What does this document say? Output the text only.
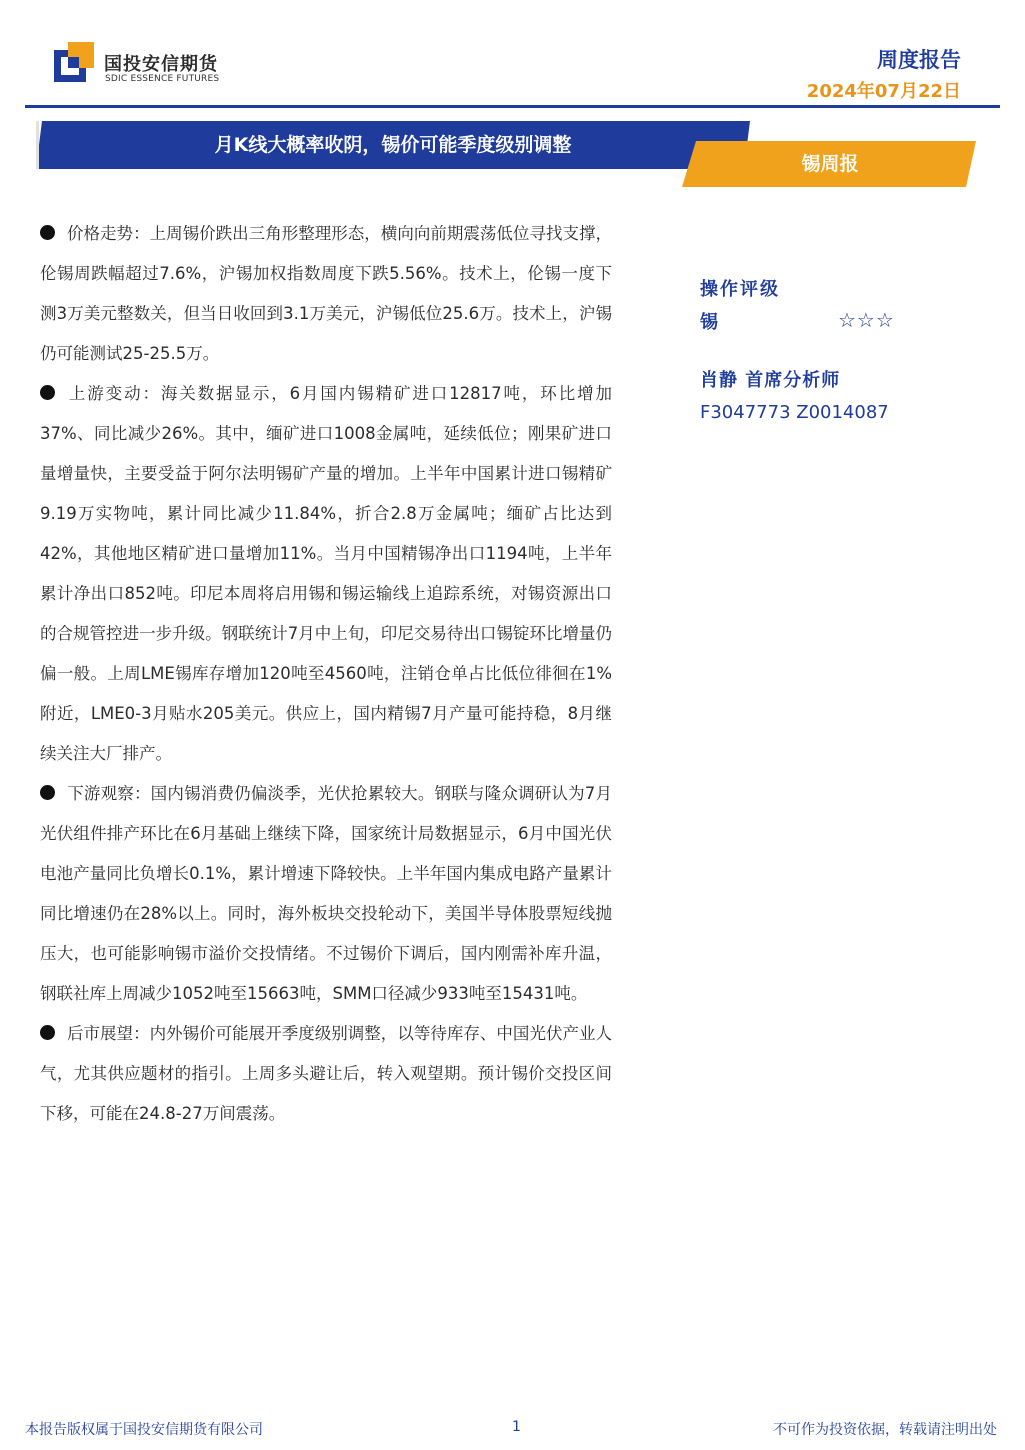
国投安信期货
SDIC ESSENCE FUTURES
周度报告
2024年07月22日
月K线大概率收阴，锡价可能季度级别调整
锡周报

价格走势：上周锡价跌出三角形整理形态，横向向前期震荡低位寻找支撑，伦锡周跌幅超过7.6%，沪锡加权指数周度下跌5.56%。技术上，伦锡一度下测3万美元整数关，但当日收回到3.1万美元，沪锡低位25.6万。技术上，沪锡仍可能测试25-25.5万。

上游变动：海关数据显示，6月国内锡精矿进口12817吨，环比增加37%、同比减少26%。其中，缅矿进口1008金属吨，延续低位；刚果矿进口量增量快，主要受益于阿尔法明锡矿产量的增加。上半年中国累计进口锡精矿9.19万实物吨，累计同比减少11.84%，折合2.8万金属吨；缅矿占比达到42%，其他地区精矿进口量增加11%。当月中国精锡净出口1194吨，上半年累计净出口852吨。印尼本周将启用锡和锡运输线上追踪系统，对锡资源出口的合规管控进一步升级。钢联统计7月中上旬，印尼交易待出口锡锭环比增量仍偏一般。上周LME锡库存增加120吨至4560吨，注销仓单占比低位徘徊在1%附近，LME0-3月贴水205美元。供应上，国内精锡7月产量可能持稳，8月继续关注大厂排产。

下游观察：国内锡消费仍偏淡季，光伏抢累较大。钢联与隆众调研认为7月光伏组件排产环比在6月基础上继续下降，国家统计局数据显示，6月中国光伏电池产量同比负增长0.1%，累计增速下降较快。上半年国内集成电路产量累计同比增速仍在28%以上。同时，海外板块交投轮动下，美国半导体股票短线抛压大，也可能影响锡市溢价交投情绪。不过锡价下调后，国内刚需补库升温，钢联社库上周减少1052吨至15663吨，SMM口径减少933吨至15431吨。

后市展望：内外锡价可能展开季度级别调整，以等待库存、中国光伏产业人气，尤其供应题材的指引。上周多头避让后，转入观望期。预计锡价交投区间下移，可能在24.8-27万间震荡。

操作评级
锡	☆☆☆
肖静 首席分析师
F3047773 Z0014087
本报告版权属于国投安信期货有限公司	1	不可作为投资依据，转载请注明出处
